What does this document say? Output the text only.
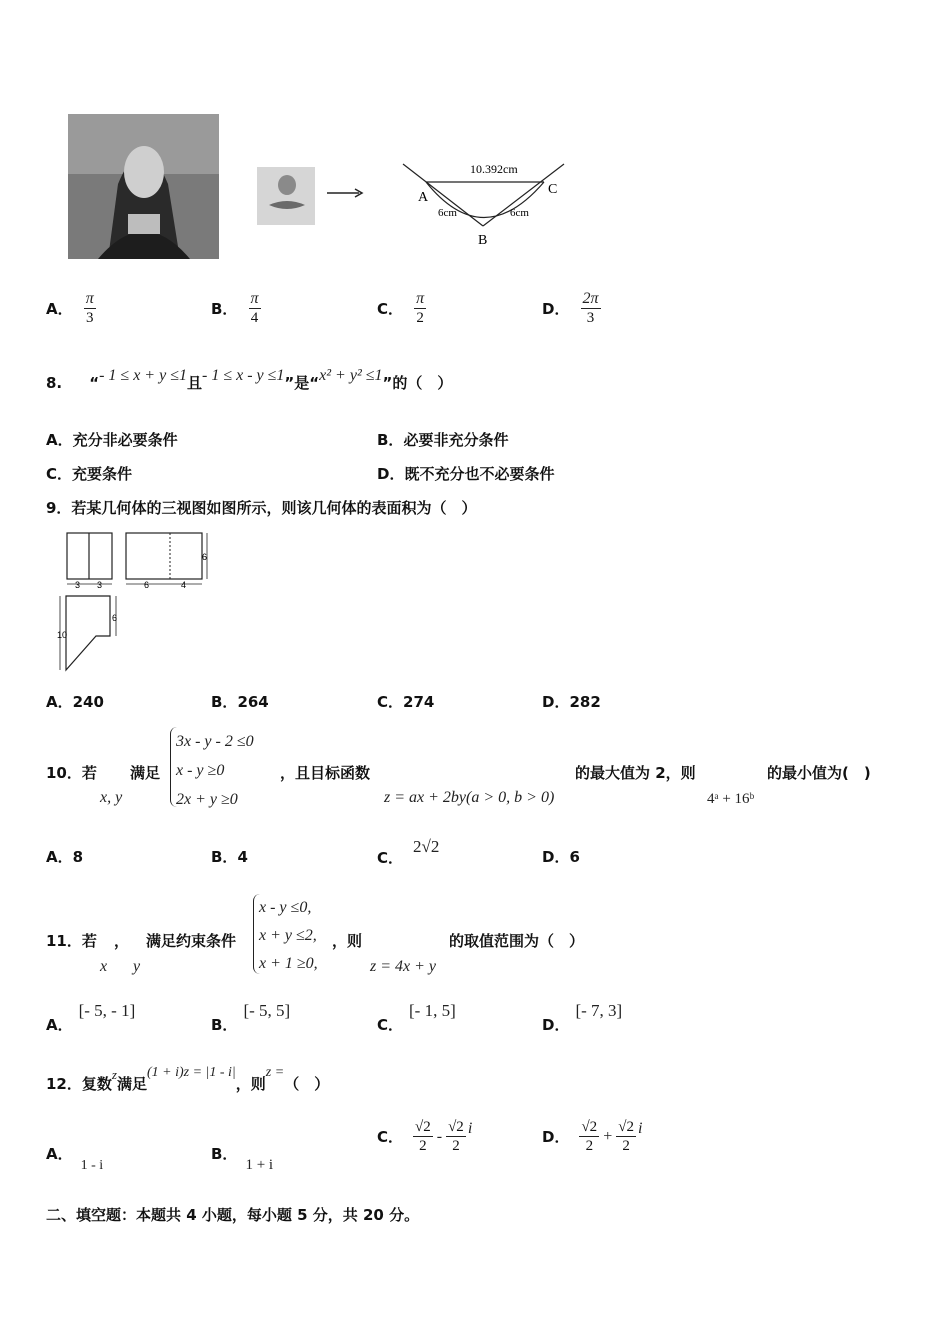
10.392cm
A
C
B
6cm	6cm
A． $\frac{\pi}{3}$	B． $\frac{\pi}{4}$	C． $\frac{\pi}{2}$	D． $\frac{2\pi}{3}$
8. “- 1 ≤ x + y ≤1且- 1 ≤ x - y ≤1”是“x² + y² ≤1”的（　）
A．充分非必要条件	B．必要非充分条件
C．充要条件	D．既不充分也不必要条件
9．若某几何体的三视图如图所示，则该几何体的表面积为（　）
3 3	6	4
6
10
6
A．240	B．264	C．274	D．282
10．若
x, y
满足
3x - y - 2 ≤0
x - y ≥0
2x + y ≥0
，且目标函数
z = ax + 2by(a > 0, b > 0)
的最大值为 2，则
4ᵃ + 16ᵇ
的最小值为(　)
A．8	B．4	C．2√2
D．6
11．若
x
，
y
满足约束条件
x - y ≤0,
x + y ≤2,
x + 1 ≥0,
，则
z = 4x + y
的取值范围为（　）
A．[- 5, - 1]
B．[- 5, 5]
C．[- 1, 5]
D．[- 7, 3]
12．复数z满足(1 + i)z = |1 - i|，则z =（　）
A．1 - i
B．1 + i
C． $\frac{√2}{2} - \frac{√2}{2}$ i	D． $\frac{√2}{2} + \frac{√2}{2}$ i
二、填空题：本题共 4 小题，每小题 5 分，共 20 分。
